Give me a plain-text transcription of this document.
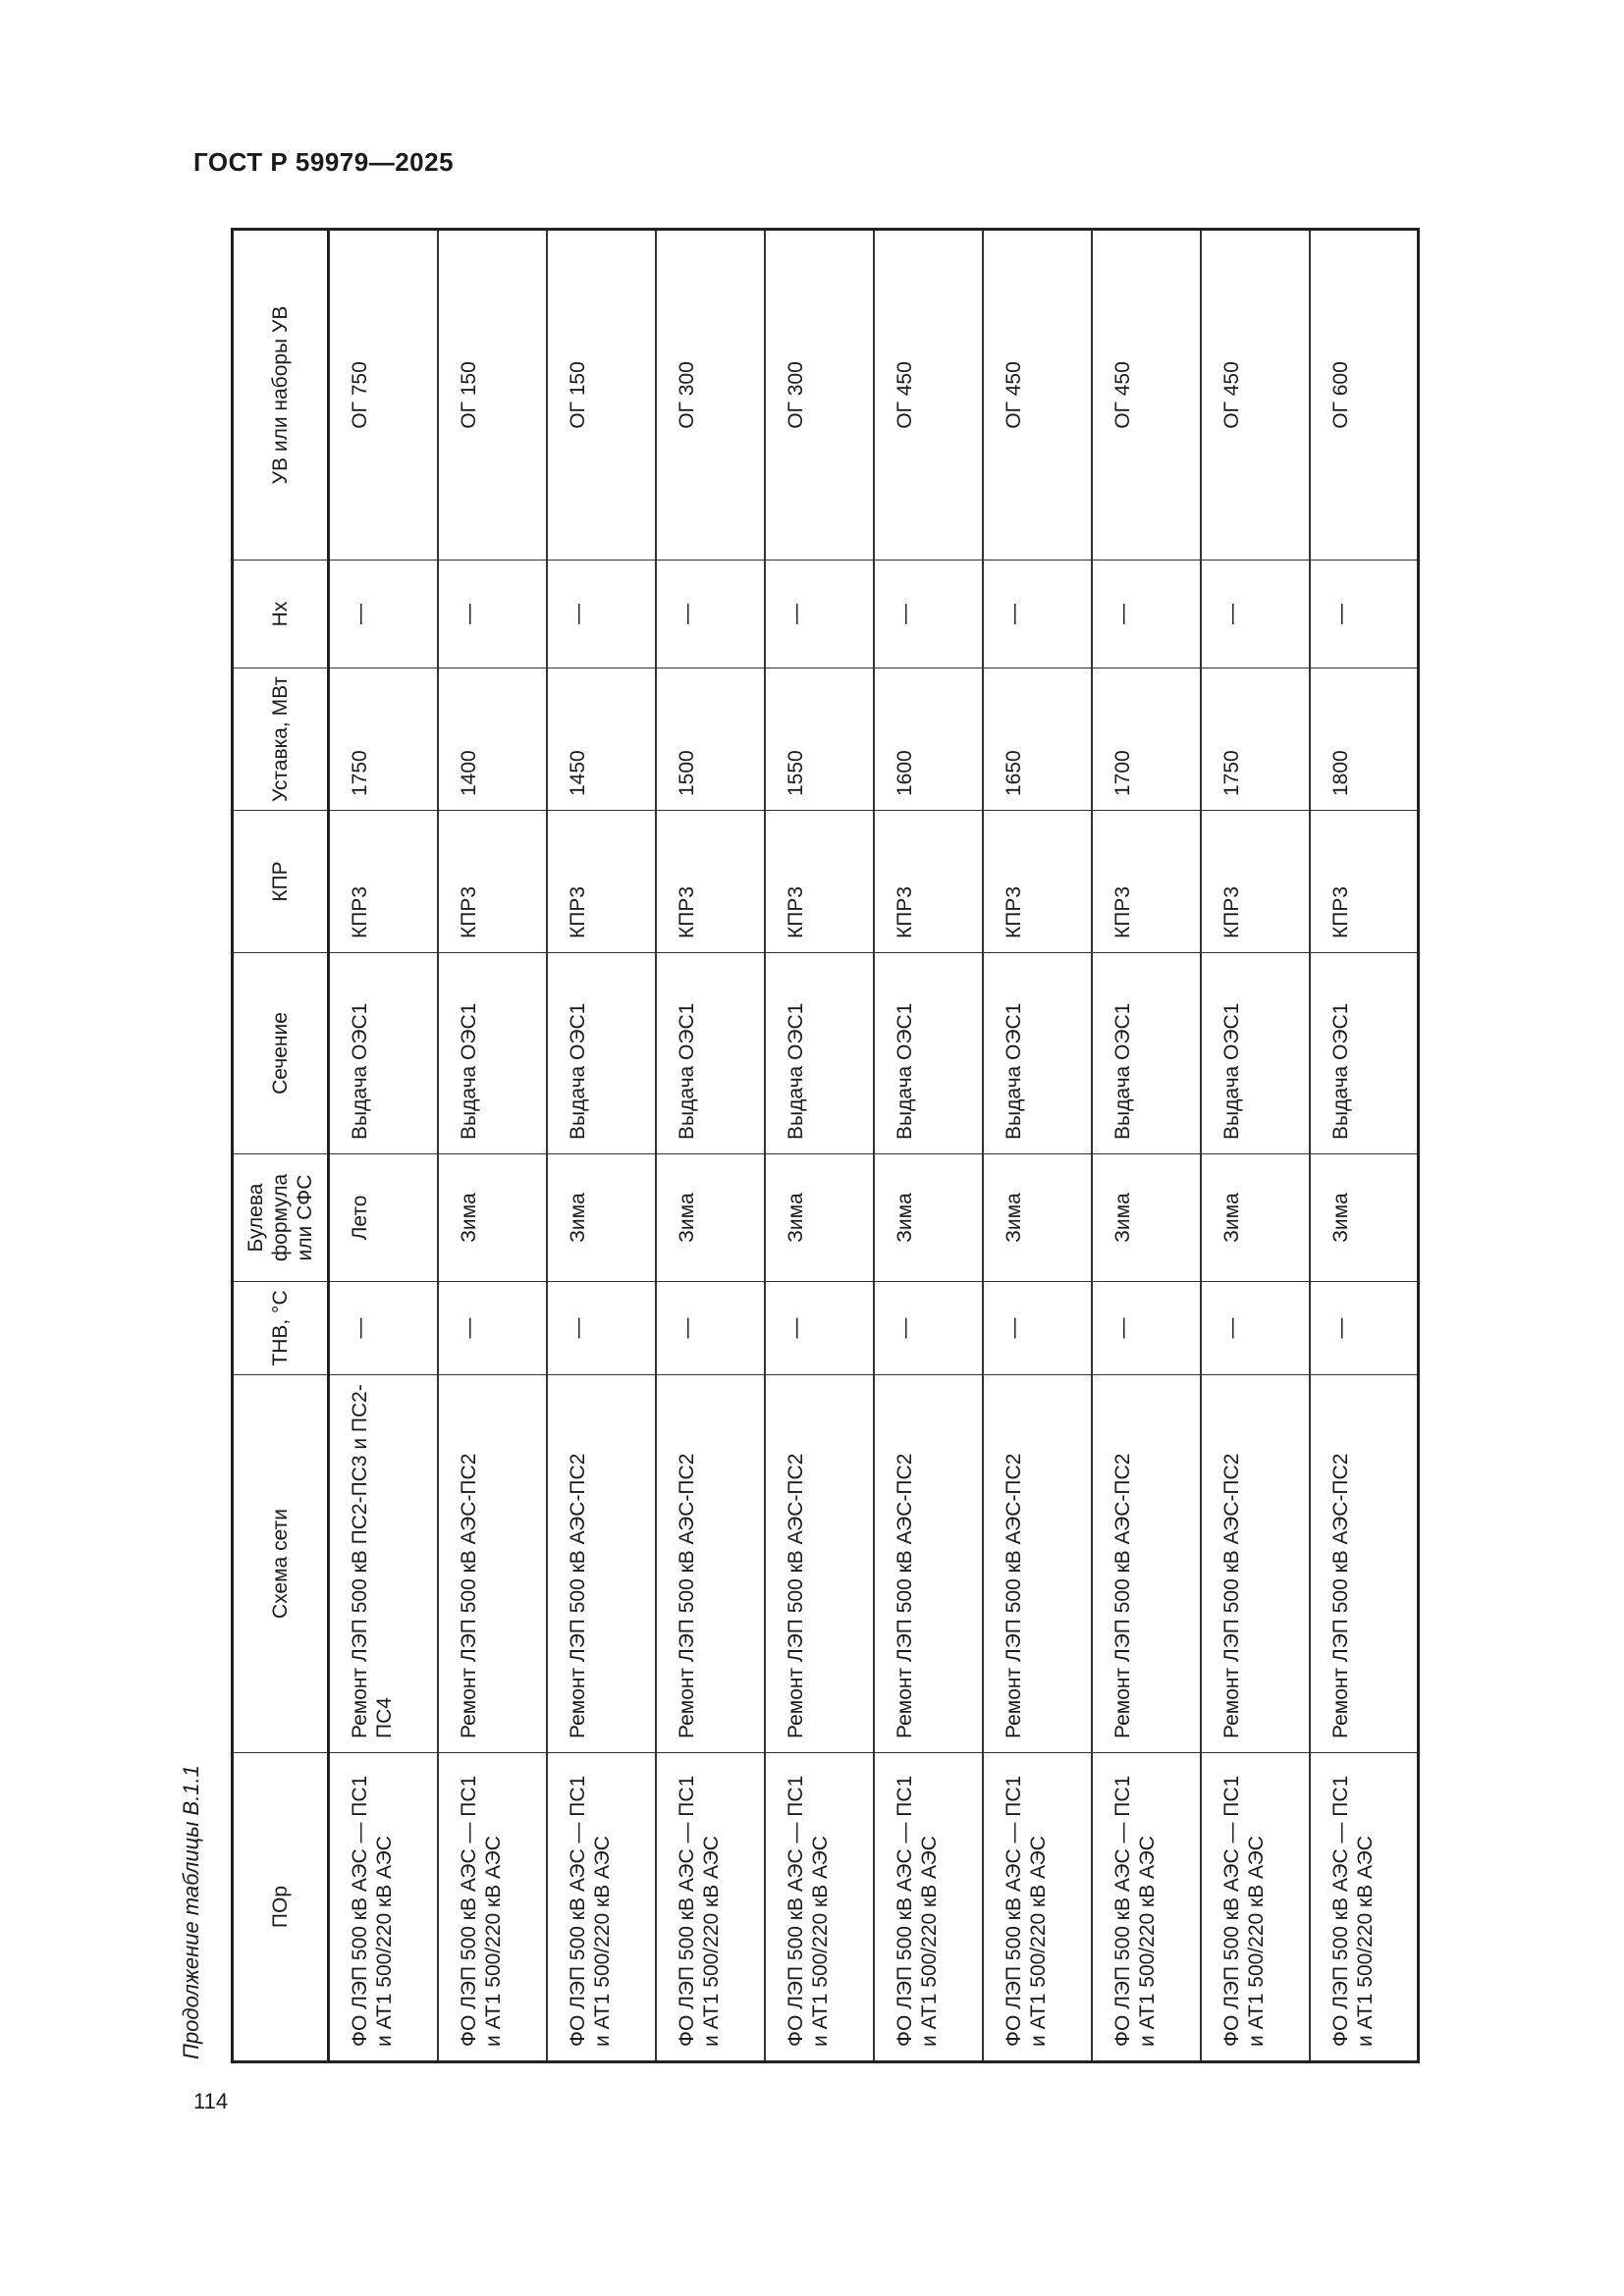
ГОСТ Р 59979—2025
Продолжение таблицы В.1.1	ПОр	Схема сети	ТНВ, °С	Булева формула или СФС	Сечение	КПР	Уставка, МВт	Нх	УВ или наборы УВ
ФО ЛЭП 500 кВ АЭС — ПС1 и АТ1 500/220 кВ АЭС	Ремонт ЛЭП 500 кВ ПС2-ПС3 и ПС2-ПС4	—	Лето	Выдача ОЭС1	КПР3	1750	—	ОГ 750
ФО ЛЭП 500 кВ АЭС — ПС1 и АТ1 500/220 кВ АЭС	Ремонт ЛЭП 500 кВ АЭС-ПС2	—	Зима	Выдача ОЭС1	КПР3	1400	—	ОГ 150
ФО ЛЭП 500 кВ АЭС — ПС1 и АТ1 500/220 кВ АЭС	Ремонт ЛЭП 500 кВ АЭС-ПС2	—	Зима	Выдача ОЭС1	КПР3	1450	—	ОГ 150
ФО ЛЭП 500 кВ АЭС — ПС1 и АТ1 500/220 кВ АЭС	Ремонт ЛЭП 500 кВ АЭС-ПС2	—	Зима	Выдача ОЭС1	КПР3	1500	—	ОГ 300
ФО ЛЭП 500 кВ АЭС — ПС1 и АТ1 500/220 кВ АЭС	Ремонт ЛЭП 500 кВ АЭС-ПС2	—	Зима	Выдача ОЭС1	КПР3	1550	—	ОГ 300
ФО ЛЭП 500 кВ АЭС — ПС1 и АТ1 500/220 кВ АЭС	Ремонт ЛЭП 500 кВ АЭС-ПС2	—	Зима	Выдача ОЭС1	КПР3	1600	—	ОГ 450
ФО ЛЭП 500 кВ АЭС — ПС1 и АТ1 500/220 кВ АЭС	Ремонт ЛЭП 500 кВ АЭС-ПС2	—	Зима	Выдача ОЭС1	КПР3	1650	—	ОГ 450
ФО ЛЭП 500 кВ АЭС — ПС1 и АТ1 500/220 кВ АЭС	Ремонт ЛЭП 500 кВ АЭС-ПС2	—	Зима	Выдача ОЭС1	КПР3	1700	—	ОГ 450
ФО ЛЭП 500 кВ АЭС — ПС1 и АТ1 500/220 кВ АЭС	Ремонт ЛЭП 500 кВ АЭС-ПС2	—	Зима	Выдача ОЭС1	КПР3	1750	—	ОГ 450
ФО ЛЭП 500 кВ АЭС — ПС1 и АТ1 500/220 кВ АЭС	Ремонт ЛЭП 500 кВ АЭС-ПС2	—	Зима	Выдача ОЭС1	КПР3	1800	—	ОГ 600
114
